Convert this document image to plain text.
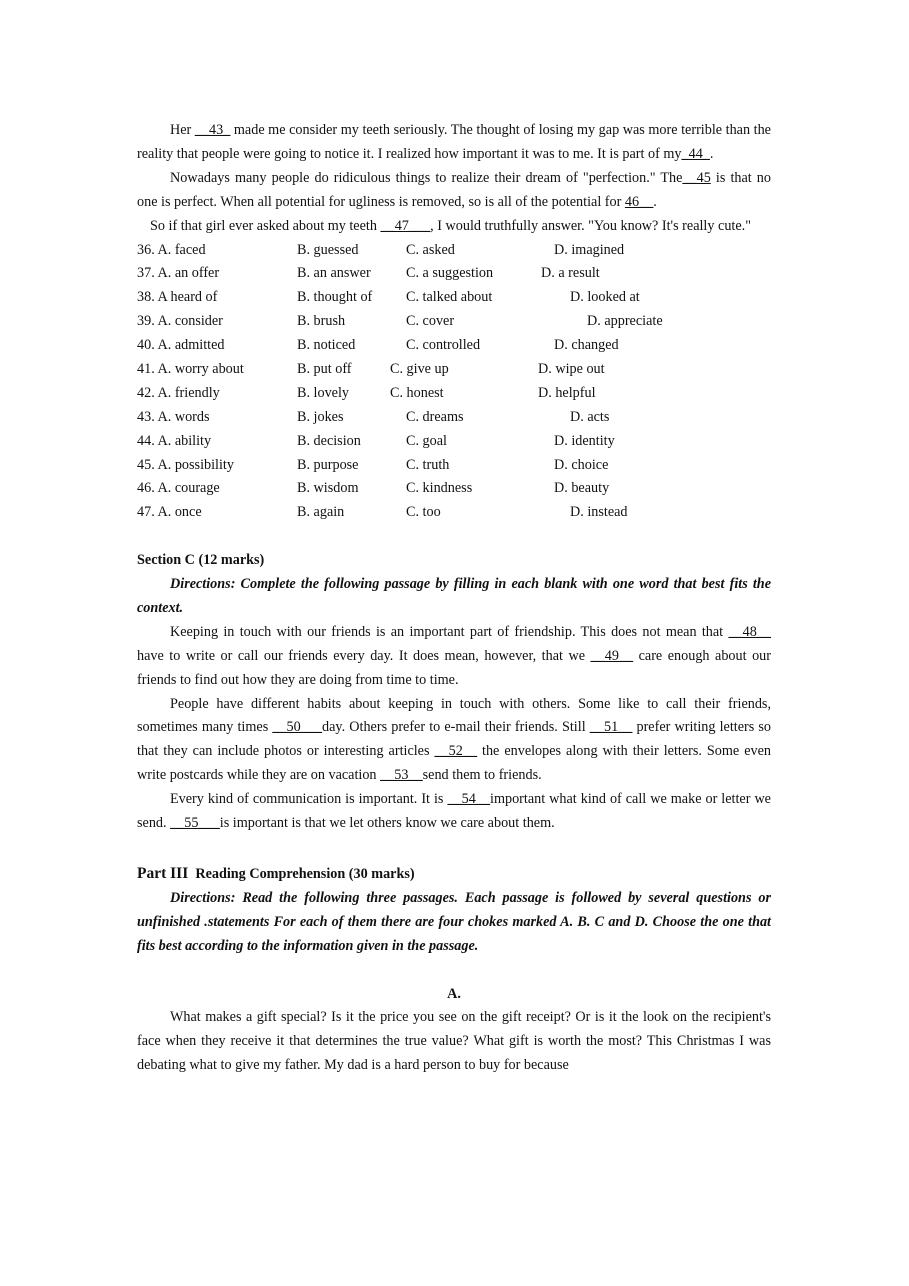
Her __43_ made me consider my teeth seriously. The thought of losing my gap was more terrible than the reality that people were going to notice it. I realized how important it was to me. It is part of my_44_.

Nowadays many people do ridiculous things to realize their dream of "perfection." The__45 is that no one is perfect. When all potential for ugliness is removed, so is all of the potential for 46__.

So if that girl ever asked about my teeth __47___, I would truthfully answer. "You know? It's really cute."

36. A. faced	B. guessed	C. asked	D. imagined
37. A. an offer	B. an answer C. a suggestion	D. a result
38. A heard of	B. thought of C. talked about	D. looked at
39. A. consider	B. brush	C. cover	D. appreciate
40. A. admitted	B. noticed	C. controlled	D. changed
41. A. worry about	B. put off	C. give up	D. wipe out
42. A. friendly	B. lovely	C. honest	D. helpful
43. A. words	B. jokes	C. dreams	D. acts
44. A. ability	B. decision	C. goal	D. identity
45. A. possibility	B. purpose	C. truth	D. choice
46. A. courage	B. wisdom	C. kindness	D. beauty
47. A. once	B. again	C. too	D. instead

Section C (12 marks)

Directions: Complete the following passage by filling in each blank with one word that best fits the context.

Keeping in touch with our friends is an important part of friendship. This does not mean that __48__ have to write or call our friends every day. It does mean, however, that we __49__ care enough about our friends to find out how they are doing from time to time.

People have different habits about keeping in touch with others. Some like to call their friends, sometimes many times __50___day. Others prefer to e-mail their friends. Still __51__ prefer writing letters so that they can include photos or interesting articles __52__ the envelopes along with their letters. Some even write postcards while they are on vacation __53__send them to friends.

Every kind of communication is important. It is __54__important what kind of call we make or letter we send. __55___is important is that we let others know we care about them.

Part III Reading Comprehension (30 marks)

Directions: Read the following three passages. Each passage is followed by several questions or unfinished .statements For each of them there are four chokes marked A. B. C and D. Choose the one that fits best according to the information given in the passage.

A.

What makes a gift special? Is it the price you see on the gift receipt? Or is it the look on the recipient's face when they receive it that determines the true value? What gift is worth the most? This Christmas I was debating what to give my father. My dad is a hard person to buy for because
